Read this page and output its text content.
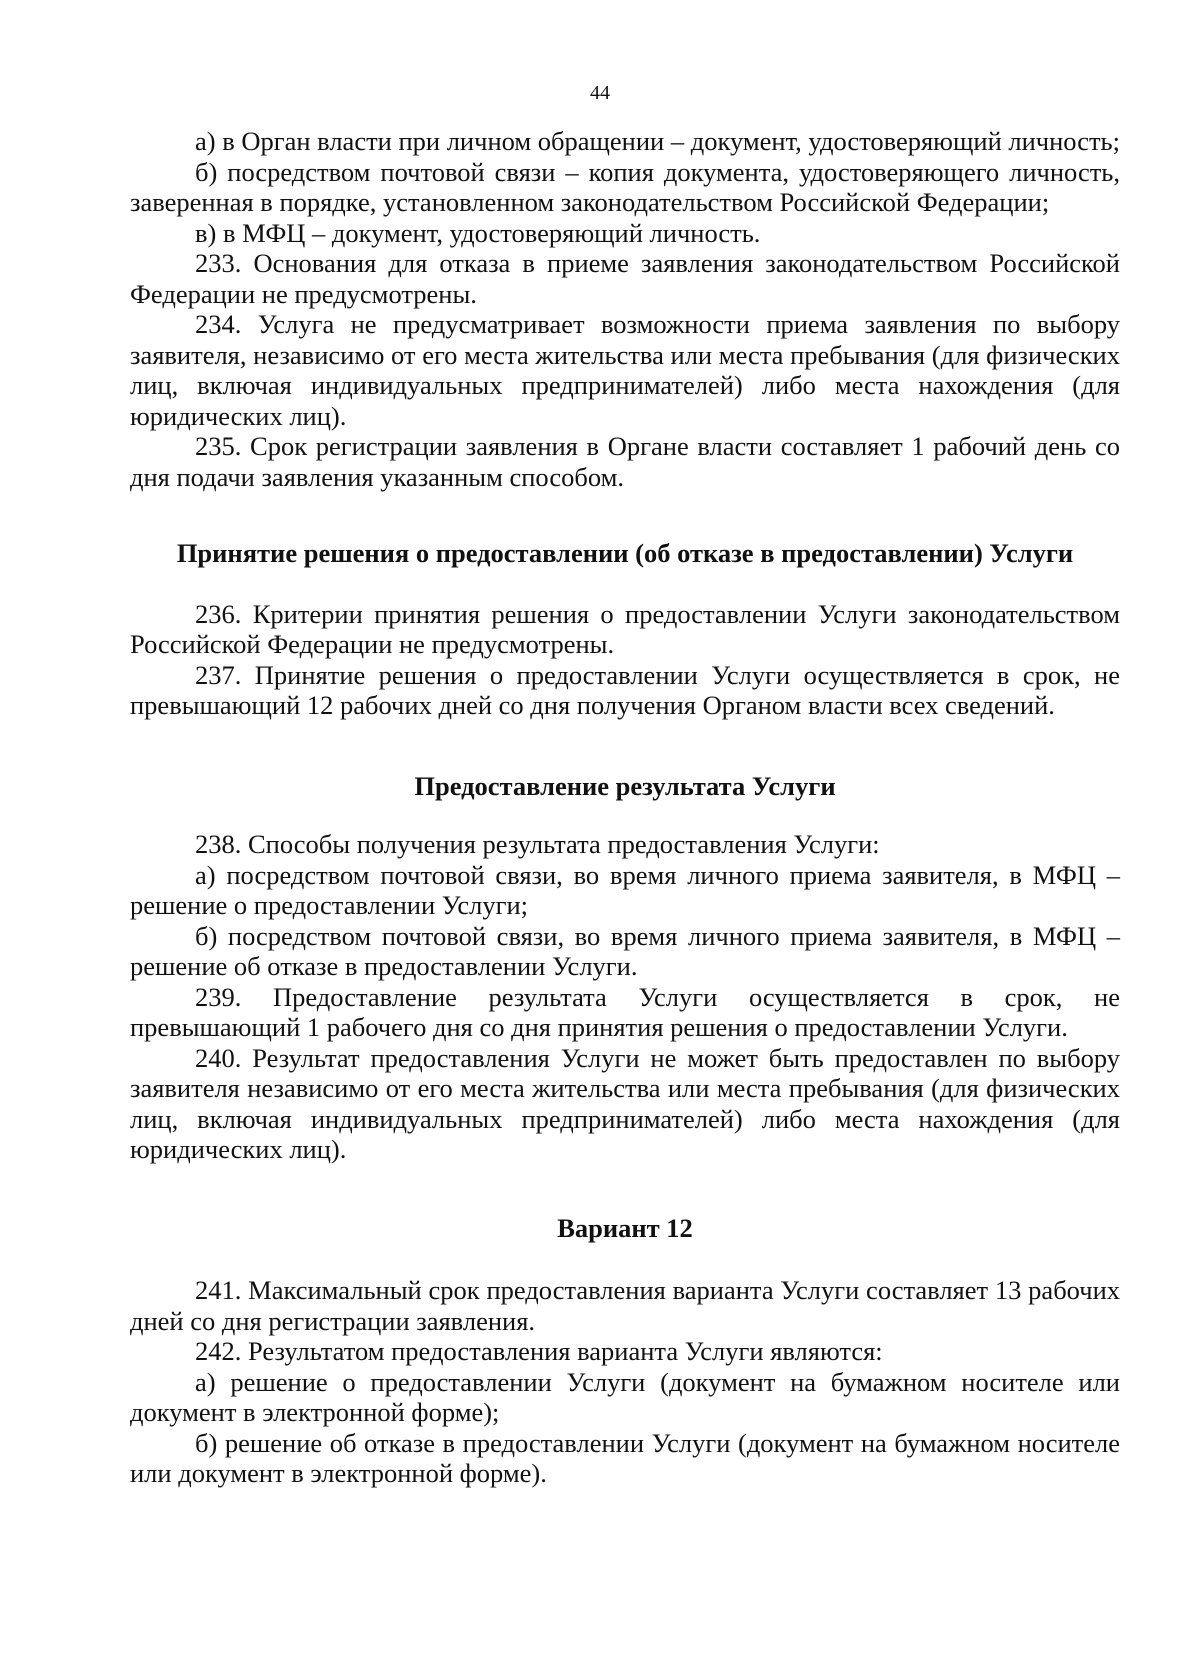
44

а) в Орган власти при личном обращении – документ, удостоверяющий личность;

б) посредством почтовой связи – копия документа, удостоверяющего личность, заверенная в порядке, установленном законодательством Российской Федерации;

в) в МФЦ – документ, удостоверяющий личность.

233. Основания для отказа в приеме заявления законодательством Российской Федерации не предусмотрены.

234. Услуга не предусматривает возможности приема заявления по выбору заявителя, независимо от его места жительства или места пребывания (для физических лиц, включая индивидуальных предпринимателей) либо места нахождения (для юридических лиц).

235. Срок регистрации заявления в Органе власти составляет 1 рабочий день со дня подачи заявления указанным способом.

Принятие решения о предоставлении (об отказе в предоставлении) Услуги

236. Критерии принятия решения о предоставлении Услуги законодательством Российской Федерации не предусмотрены.

237. Принятие решения о предоставлении Услуги осуществляется в срок, не превышающий 12 рабочих дней со дня получения Органом власти всех сведений.

Предоставление результата Услуги

238. Способы получения результата предоставления Услуги:

а) посредством почтовой связи, во время личного приема заявителя, в МФЦ – решение о предоставлении Услуги;

б) посредством почтовой связи, во время личного приема заявителя, в МФЦ – решение об отказе в предоставлении Услуги.

239. Предоставление результата Услуги осуществляется в срок, не превышающий 1 рабочего дня со дня принятия решения о предоставлении Услуги.

240. Результат предоставления Услуги не может быть предоставлен по выбору заявителя независимо от его места жительства или места пребывания (для физических лиц, включая индивидуальных предпринимателей) либо места нахождения (для юридических лиц).

Вариант 12

241. Максимальный срок предоставления варианта Услуги составляет 13 рабочих дней со дня регистрации заявления.

242. Результатом предоставления варианта Услуги являются:

а) решение о предоставлении Услуги (документ на бумажном носителе или документ в электронной форме);

б) решение об отказе в предоставлении Услуги (документ на бумажном носителе или документ в электронной форме).
